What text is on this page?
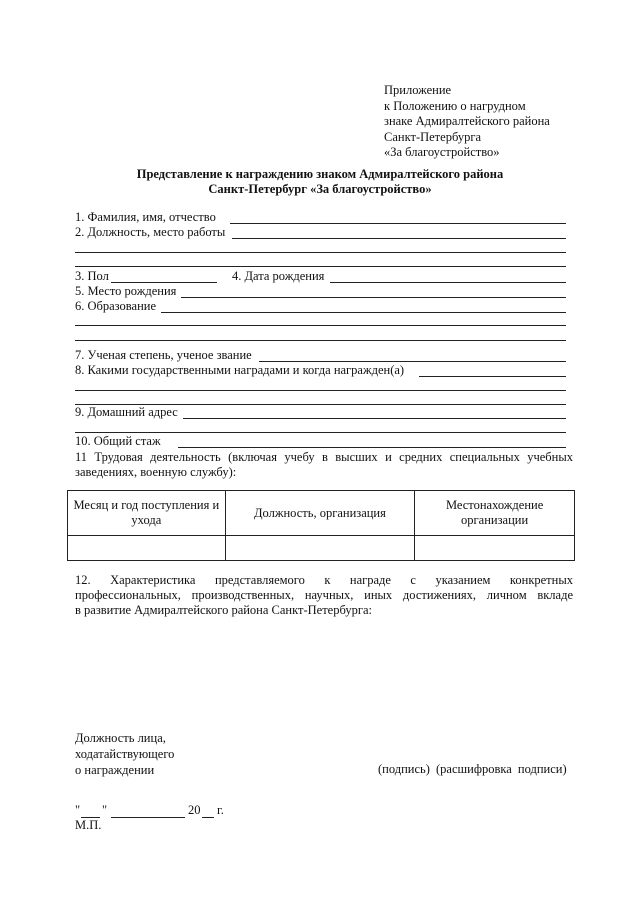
Приложение
к Положению о нагрудном
знаке Адмиралтейского района
Санкт-Петербурга
«За благоустройство»
Представление к награждению знаком Адмиралтейского района
Санкт-Петербург «За благоустройство»
1. Фамилия, имя, отчество
2. Должность, место работы
3. Пол	4. Дата рождения
5. Место рождения
6. Образование
7. Ученая степень, ученое звание
8. Какими государственными наградами и когда награжден(а)
9. Домашний адрес
10. Общий стаж
11 Трудовая деятельность (включая учебу в высших и средних специальных учебных
заведениях, военную службу):
Месяц и год поступления и ухода	Должность, организация	Местонахождение организации

12. Характеристика представляемого к награде с указанием конкретных
профессиональных, производственных, научных, иных достижениях, личном вкладе
в развитие Адмиралтейского района Санкт-Петербурга:
Должность лица,
ходатайствующего
о награждении	(подпись) (расшифровка подписи)
" "	20 г.
М.П.
